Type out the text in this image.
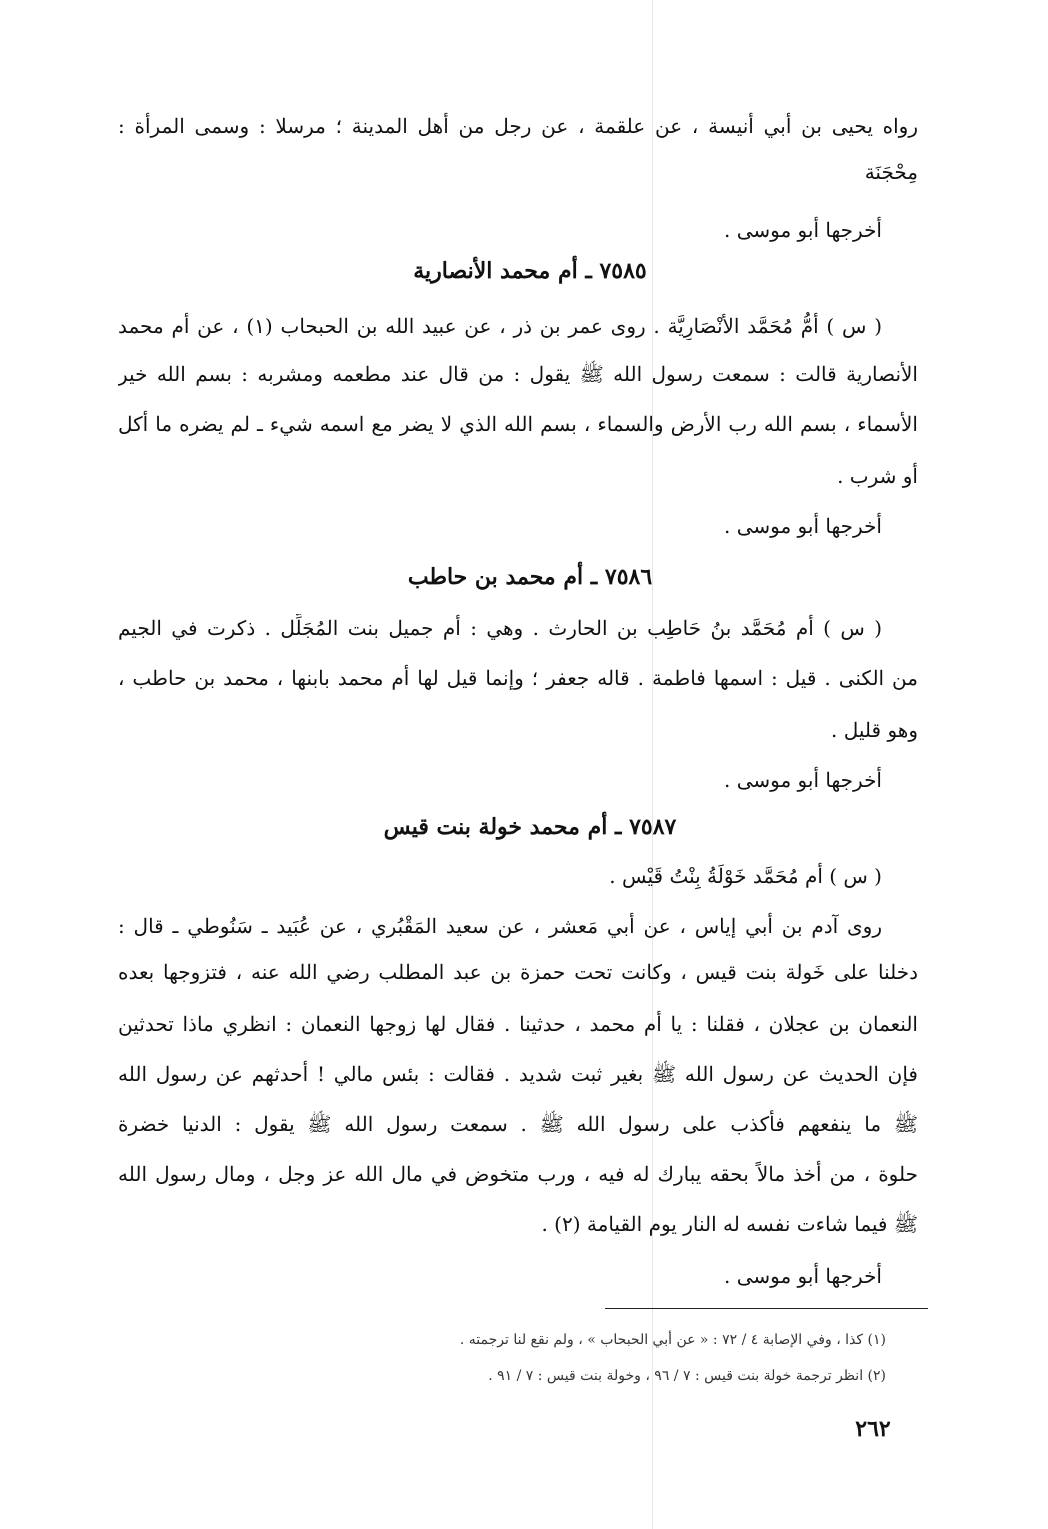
رواه يحيى بن أبي أنيسة ، عن علقمة ، عن رجل من أهل المدينة ؛ مرسلا : وسمى المرأة :
مِحْجَنَة
أخرجها أبو موسى .
٧٥٨٥ ـ أم محمد الأنصارية
( س ) أمُّ مُحَمَّد الأنْصَارِيَّة . روى عمر بن ذر ، عن عبيد الله بن الحبحاب (١) ، عن أم محمد
الأنصارية قالت : سمعت رسول الله ﷺ يقول : من قال عند مطعمه ومشربه : بسم الله خير
الأسماء ، بسم الله رب الأرض والسماء ، بسم الله الذي لا يضر مع اسمه شيء ـ لم يضره ما أكل
أو شرب .
أخرجها أبو موسى .
٧٥٨٦ ـ أم محمد بن حاطب
( س ) أم مُحَمَّد بنُ حَاطِب بن الحارث . وهي : أم جميل بنت المُجَلِّل . ذكرت في الجيم
من الكنى . قيل : اسمها فاطمة . قاله جعفر ؛ وإنما قيل لها أم محمد بابنها ، محمد بن حاطب ،
وهو قليل .
أخرجها أبو موسى .
٧٥٨٧ ـ أم محمد خولة بنت قيس
( س ) أم مُحَمَّد خَوْلَةُ بِنْتُ قَيْس .
روى آدم بن أبي إياس ، عن أبي مَعشر ، عن سعيد المَقْبُري ، عن عُبَيد ـ سَنُوطي ـ قال :
دخلنا على خَولة بنت قيس ، وكانت تحت حمزة بن عبد المطلب رضي الله عنه ، فتزوجها بعده
النعمان بن عجلان ، فقلنا : يا أم محمد ، حدثينا . فقال لها زوجها النعمان : انظري ماذا تحدثين
فإن الحديث عن رسول الله ﷺ بغير ثبت شديد . فقالت : بئس مالي ! أحدثهم عن رسول الله
ﷺ ما ينفعهم فأكذب على رسول الله ﷺ . سمعت رسول الله ﷺ يقول : الدنيا خضرة
حلوة ، من أخذ مالاً بحقه يبارك له فيه ، ورب متخوض في مال الله عز وجل ، ومال رسول الله
ﷺ فيما شاءت نفسه له النار يوم القيامة (٢) .
أخرجها أبو موسى .
(١) كذا ، وفي الإصابة ٤ / ٧٢ : « عن أبي الحبحاب » ، ولم نقع لنا ترجمته .
(٢) انظر ترجمة خولة بنت قيس : ٧ / ٩٦ ، وخولة بنت قيس : ٧ / ٩١ .
٢٦٢
